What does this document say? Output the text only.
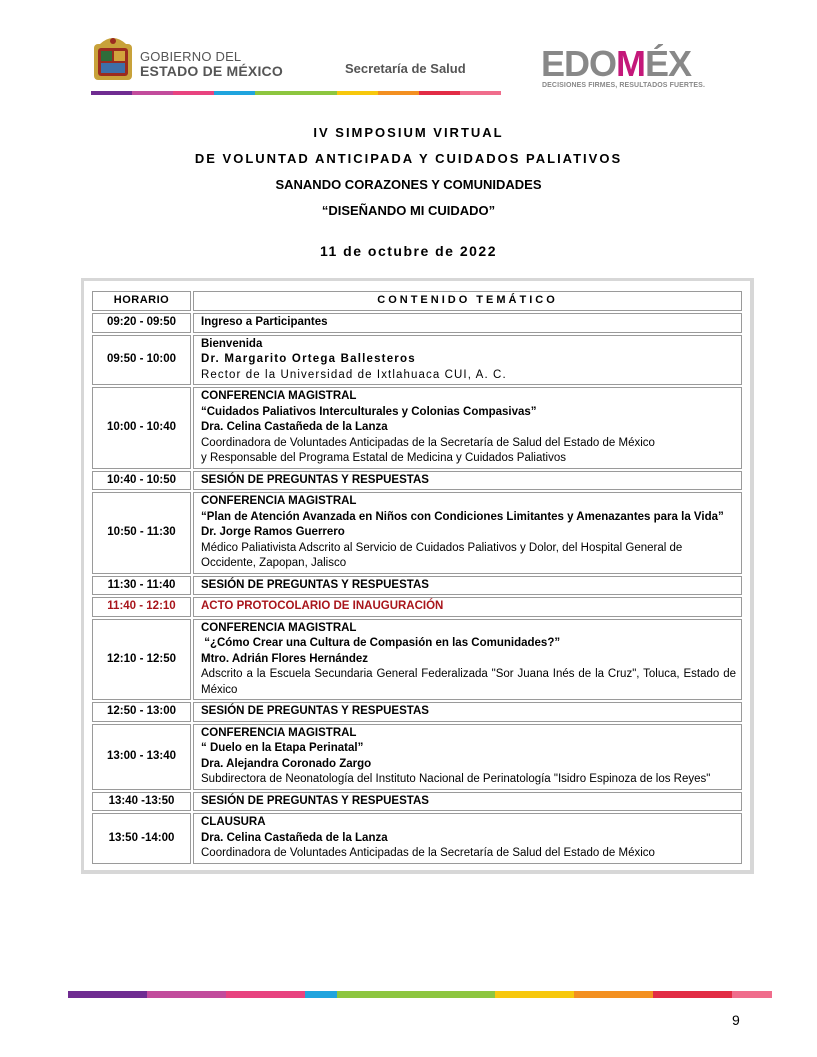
GOBIERNO DEL
ESTADO DE MÉXICO	Secretaría de Salud EDOMÉX
DECISIONES FIRMES, RESULTADOS FUERTES.
IV SIMPOSIUM VIRTUAL
DE VOLUNTAD ANTICIPADA Y CUIDADOS PALIATIVOS
SANANDO CORAZONES Y COMUNIDADES
“DISEÑANDO MI CUIDADO”
11 de octubre de 2022
HORARIO	CONTENIDO TEMÁTICO
09:20 - 09:50	Ingreso a Participantes

09:50 - 10:00	Bienvenida
Dr. Margarito Ortega Ballesteros
Rector de la Universidad de Ixtlahuaca CUI, A. C.

10:00 - 10:40	CONFERENCIA MAGISTRAL
“Cuidados Paliativos Interculturales y Colonias Compasivas”
Dra. Celina Castañeda de la Lanza
Coordinadora de Voluntades Anticipadas de la Secretaría de Salud del Estado de México
y Responsable del Programa Estatal de Medicina y Cuidados Paliativos

10:40 - 10:50	SESIÓN DE PREGUNTAS Y RESPUESTAS

10:50 - 11:30	CONFERENCIA MAGISTRAL
“Plan de Atención Avanzada en Niños con Condiciones Limitantes y Amenazantes para la Vida”
Dr. Jorge Ramos Guerrero
Médico Paliativista Adscrito al Servicio de Cuidados Paliativos y Dolor, del Hospital General de Occidente, Zapopan, Jalisco

11:30 - 11:40	SESIÓN DE PREGUNTAS Y RESPUESTAS

11:40 - 12:10	ACTO PROTOCOLARIO DE INAUGURACIÓN

12:10 - 12:50	CONFERENCIA MAGISTRAL
“¿Cómo Crear una Cultura de Compasión en las Comunidades?”
Mtro. Adrián Flores Hernández
Adscrito a la Escuela Secundaria General Federalizada "Sor Juana Inés de la Cruz", Toluca, Estado de México

12:50 - 13:00	SESIÓN DE PREGUNTAS Y RESPUESTAS

13:00 - 13:40	CONFERENCIA MAGISTRAL
“ Duelo en la Etapa Perinatal”
Dra. Alejandra Coronado Zargo
Subdirectora de Neonatología del Instituto Nacional de Perinatología "Isidro Espinoza de los Reyes"

13:40 -13:50	SESIÓN DE PREGUNTAS Y RESPUESTAS

13:50 -14:00	CLAUSURA
Dra. Celina Castañeda de la Lanza
Coordinadora de Voluntades Anticipadas de la Secretaría de Salud del Estado de México
9
